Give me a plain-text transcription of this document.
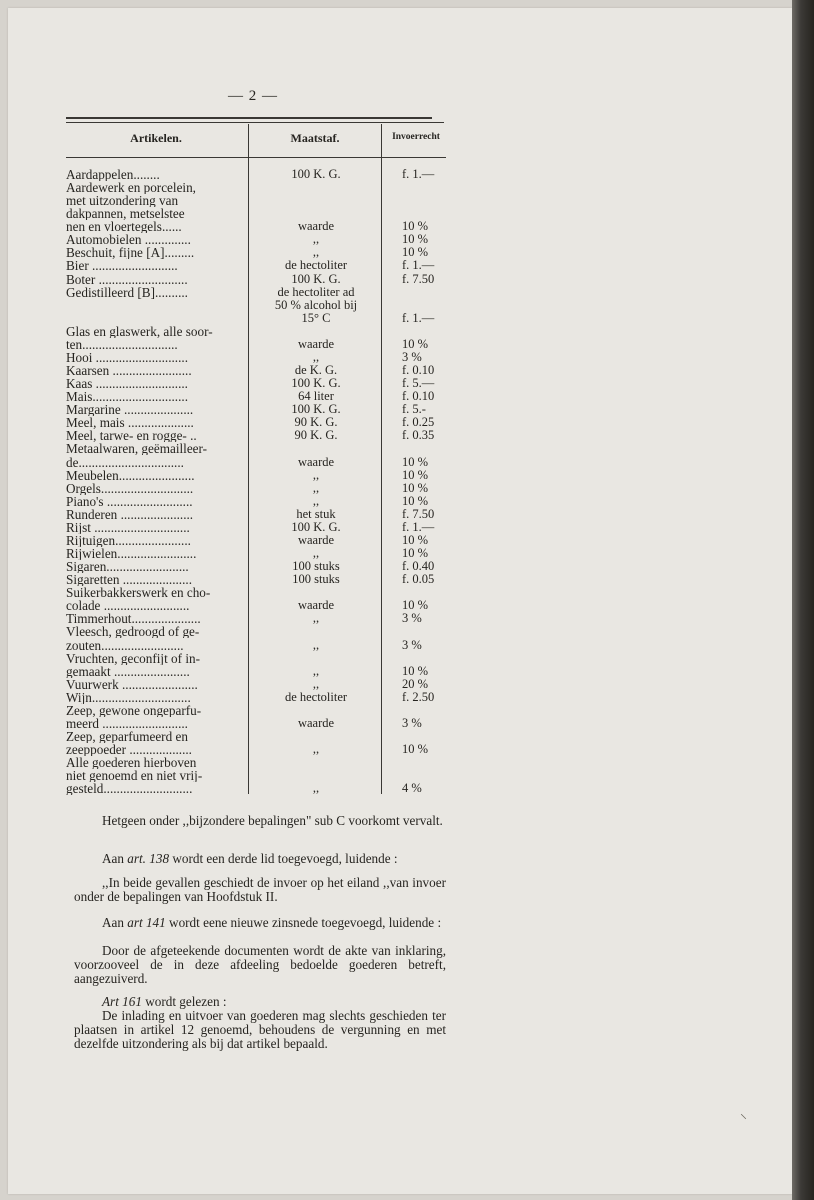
— 2 —
Artikelen.	Maatstaf.	Invoerrecht
Aardappelen........	100 K. G.	f. 1.—
Aardewerk en porcelein,
met uitzondering van
dakpannen, metselstee
nen en vloertegels......	waarde	10 %
Automobielen ..............	,,	10 %
Beschuit, fijne [A].........	,,	10 %
Bier ..........................	de hectoliter	f. 1.—
Boter ...........................	100 K. G.	f. 7.50
Gedistilleerd [B]..........	de hectoliter ad
50 % alcohol bij
15° C	f. 1.—
Glas en glaswerk, alle soor-
ten.............................	waarde	10 %
Hooi ............................	,,	3 %
Kaarsen ........................	de K. G.	f. 0.10
Kaas ............................	100 K. G.	f. 5.—
Mais.............................	64 liter	f. 0.10
Margarine .....................	100 K. G.	f. 5.-
Meel, mais ....................	90 K. G.	f. 0.25
Meel, tarwe- en rogge- ..	90 K. G.	f. 0.35
Metaalwaren, geëmailleer-
de................................	waarde	10 %
Meubelen.......................	,,	10 %
Orgels............................	,,	10 %
Piano's ..........................	,,	10 %
Runderen ......................	het stuk	f. 7.50
Rijst .............................	100 K. G.	f. 1.—
Rijtuigen.......................	waarde	10 %
Rijwielen........................	,,	10 %
Sigaren.........................	100 stuks	f. 0.40
Sigaretten .....................	100 stuks	f. 0.05
Suikerbakkerswerk en cho-
colade ..........................	waarde	10 %
Timmerhout.....................	,,	3 %
Vleesch, gedroogd of ge-
zouten.........................	,,	3 %
Vruchten, geconfijt of in-
gemaakt .......................	,,	10 %
Vuurwerk .......................	,,	20 %
Wijn..............................	de hectoliter	f. 2.50
Zeep, gewone ongeparfu-
meerd ..........................	waarde	3 %
Zeep, geparfumeerd en
zeeppoeder ...................	,,	10 %
Alle goederen hierboven
niet genoemd en niet vrij-
gesteld...........................	,,	4 %
Hetgeen onder ,,bijzondere bepalingen" sub C voorkomt vervalt.
Aan art. 138 wordt een derde lid toegevoegd, luidende :
,,In beide gevallen geschiedt de invoer op het eiland ,,van invoer onder de bepalingen van Hoofdstuk II.
Aan art 141 wordt eene nieuwe zinsnede toegevoegd, luidende :
Door de afgeteekende documenten wordt de akte van inklaring, voorzooveel de in deze afdeeling bedoelde goederen betreft, aangezuiverd.
Art 161 wordt gelezen :
De inlading en uitvoer van goederen mag slechts geschieden ter plaatsen in artikel 12 genoemd, behoudens de vergunning en met dezelfde uitzondering als bij dat artikel bepaald.
⸜
